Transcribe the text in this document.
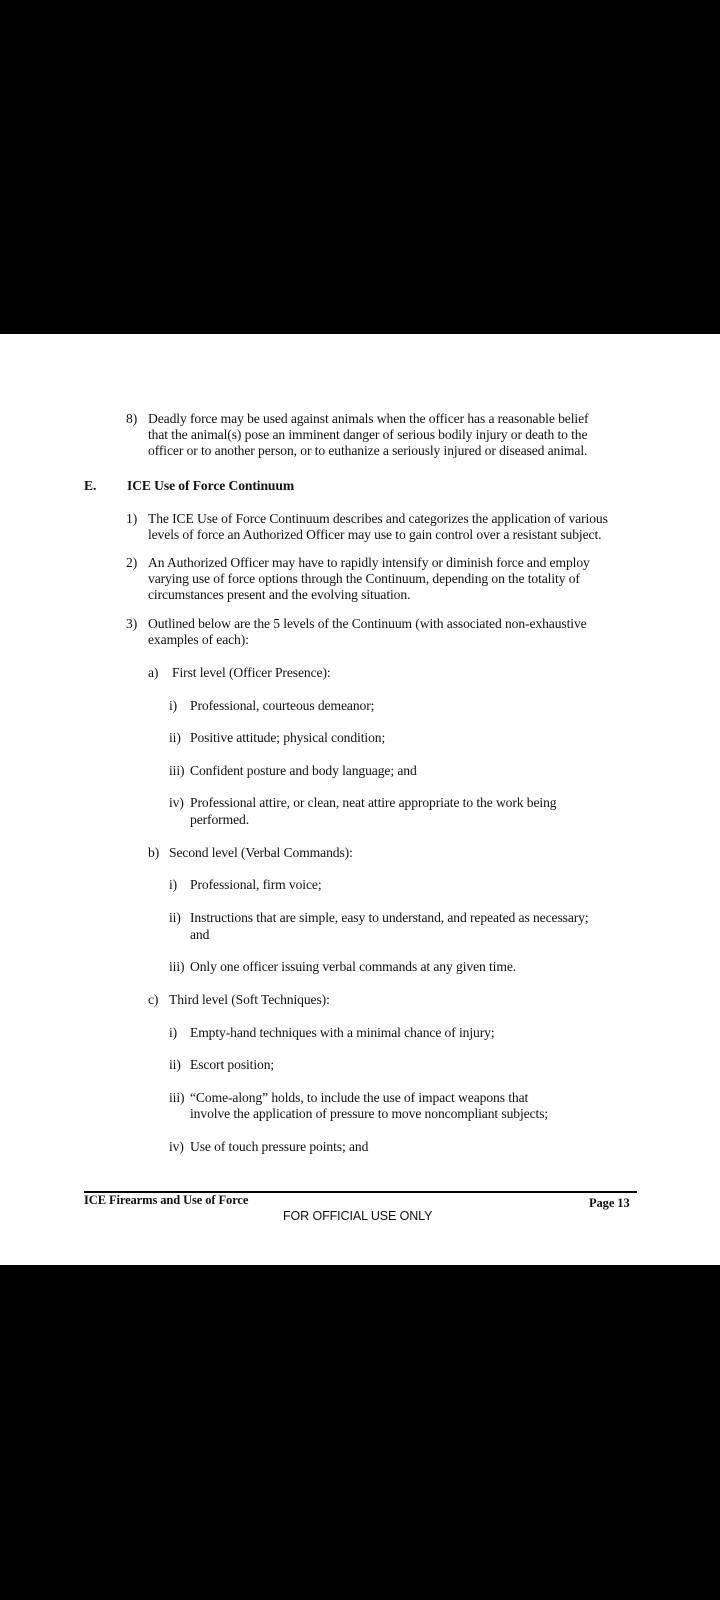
8) Deadly force may be used against animals when the officer has a reasonable belief
that the animal(s) pose an imminent danger of serious bodily injury or death to the
officer or to another person, or to euthanize a seriously injured or diseased animal.
E. ICE Use of Force Continuum
1) The ICE Use of Force Continuum describes and categorizes the application of various
levels of force an Authorized Officer may use to gain control over a resistant subject.
2) An Authorized Officer may have to rapidly intensify or diminish force and employ
varying use of force options through the Continuum, depending on the totality of
circumstances present and the evolving situation.
3) Outlined below are the 5 levels of the Continuum (with associated non-exhaustive
examples of each):
a) First level (Officer Presence):
i) Professional, courteous demeanor;
ii) Positive attitude; physical condition;
iii) Confident posture and body language; and
iv) Professional attire, or clean, neat attire appropriate to the work being
performed.
b) Second level (Verbal Commands):
i) Professional, firm voice;
ii) Instructions that are simple, easy to understand, and repeated as necessary;
and
iii) Only one officer issuing verbal commands at any given time.
c) Third level (Soft Techniques):
i) Empty-hand techniques with a minimal chance of injury;
ii) Escort position;
iii) “Come-along” holds, to include the use of impact weapons that
involve the application of pressure to move noncompliant subjects;
iv) Use of touch pressure points; and
ICE Firearms and Use of Force	Page 13
FOR OFFICIAL USE ONLY
